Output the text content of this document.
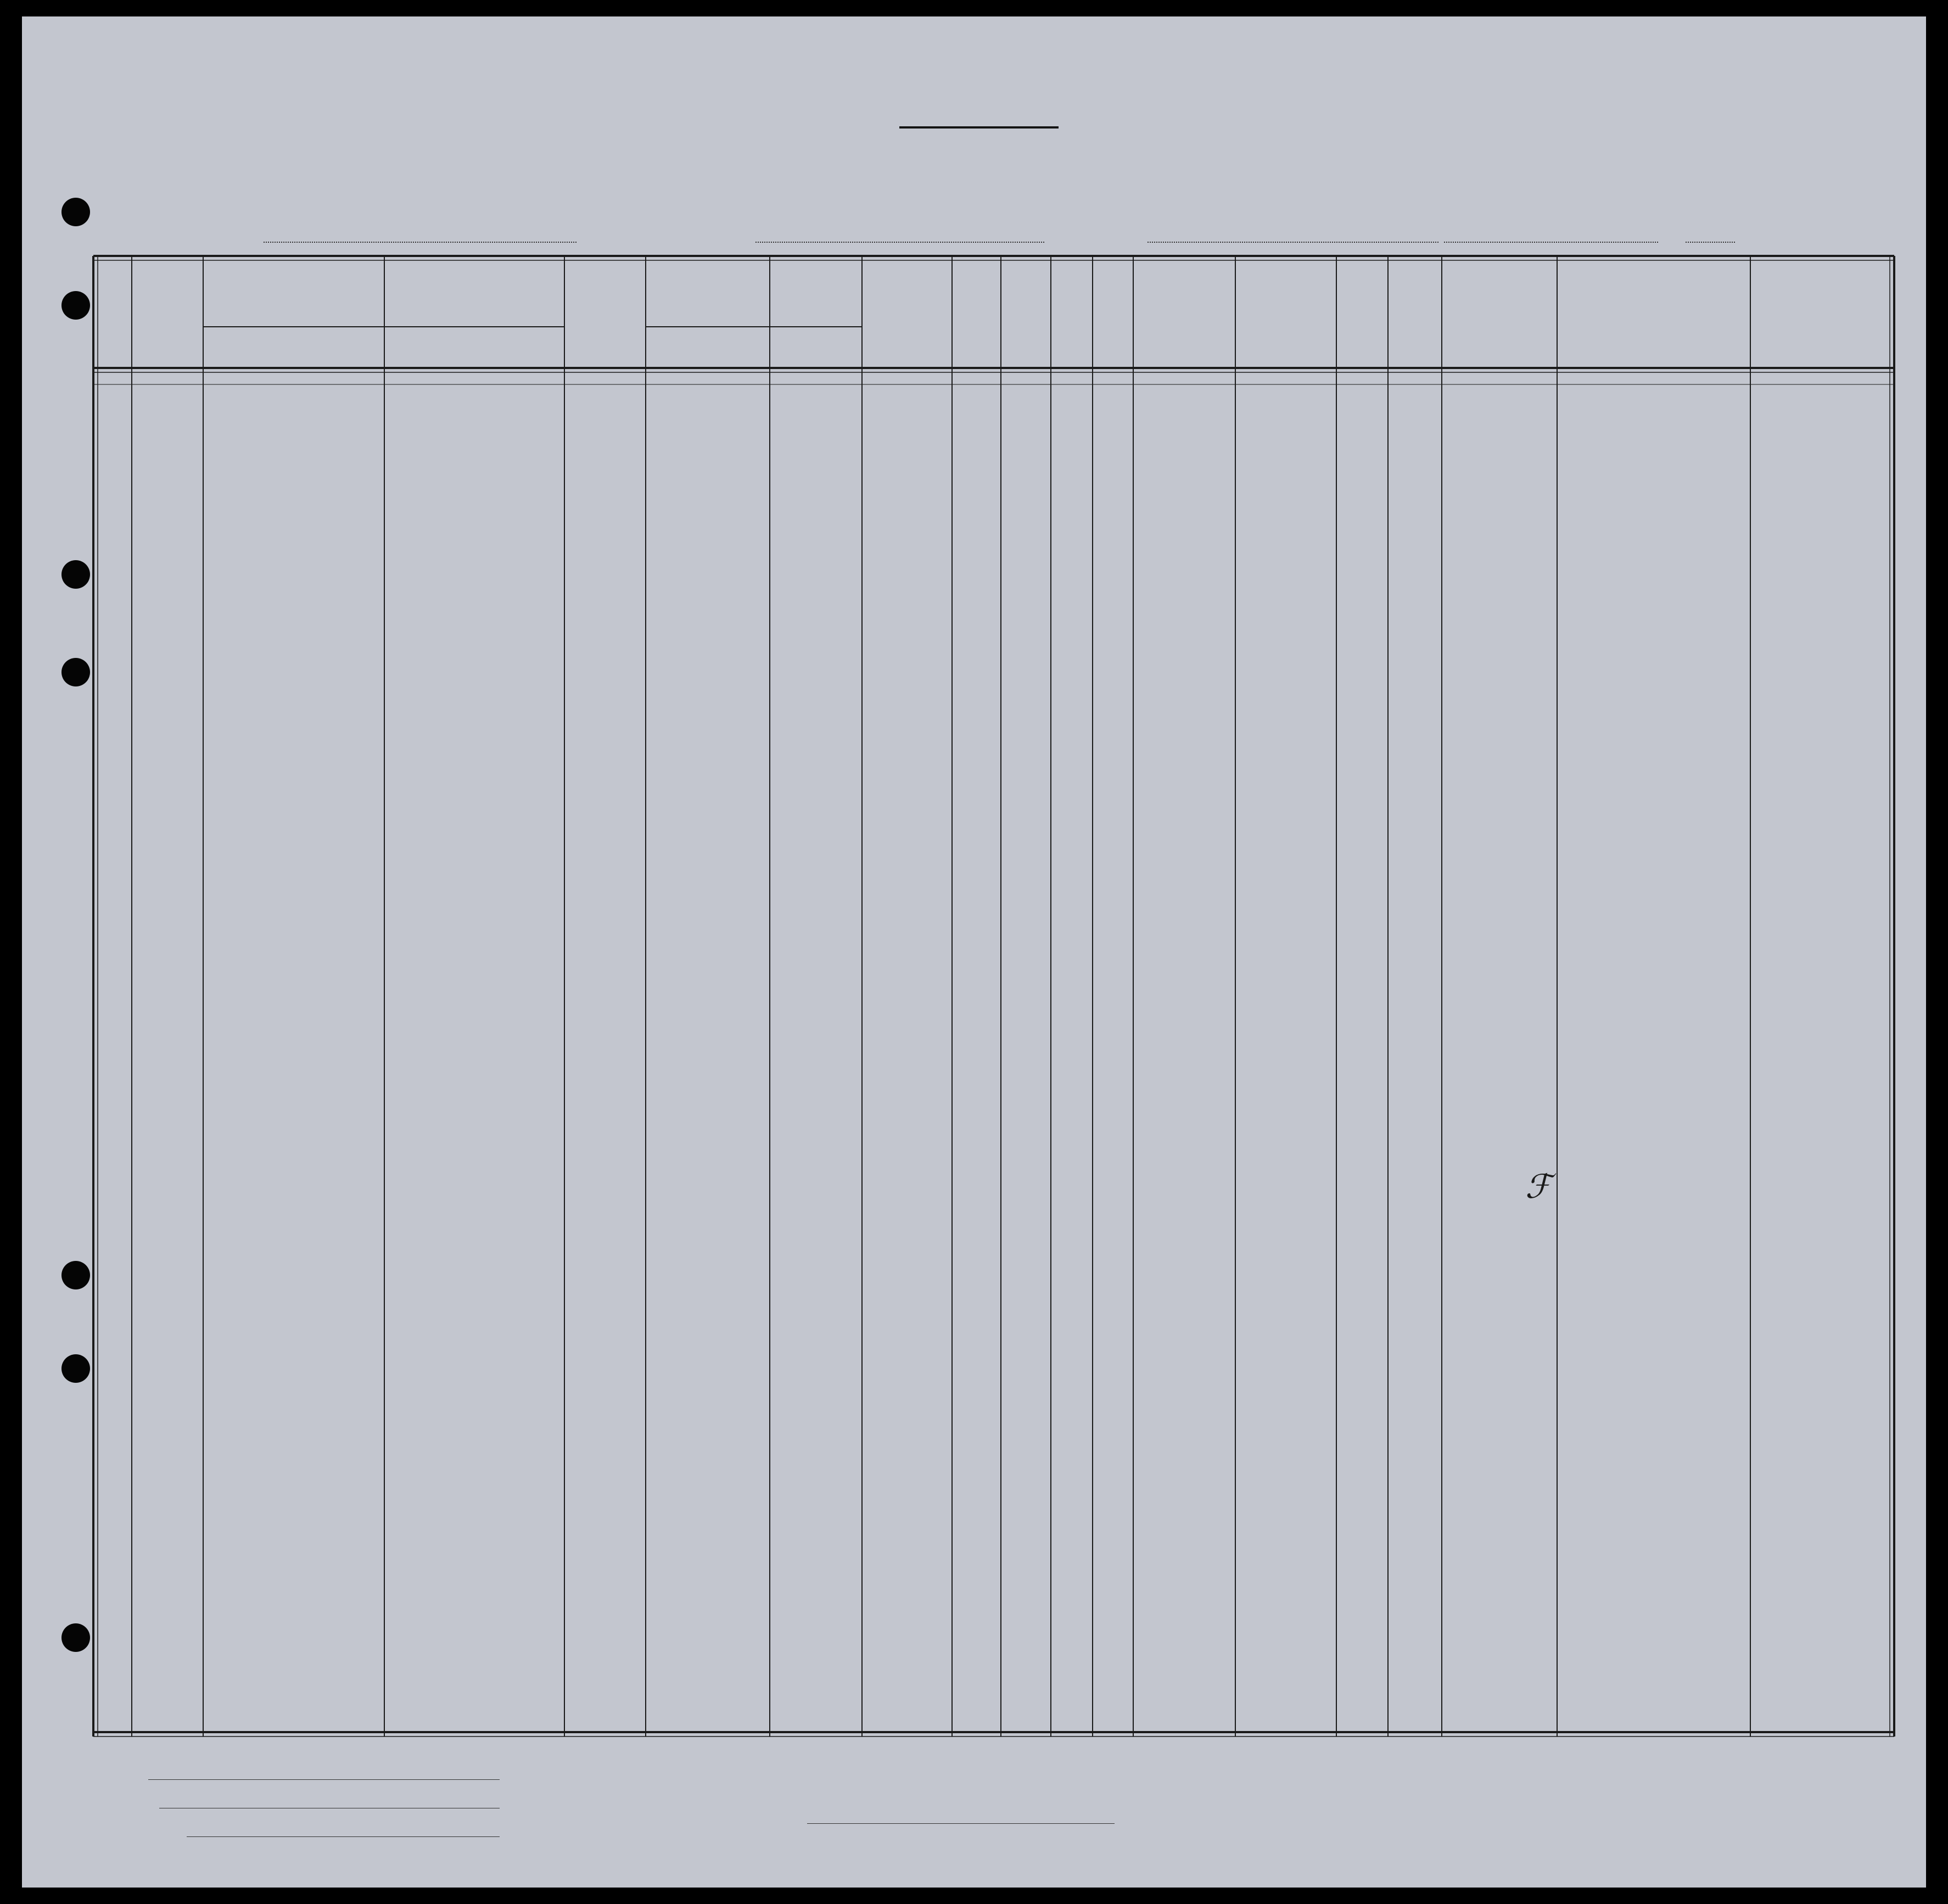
ℱ
